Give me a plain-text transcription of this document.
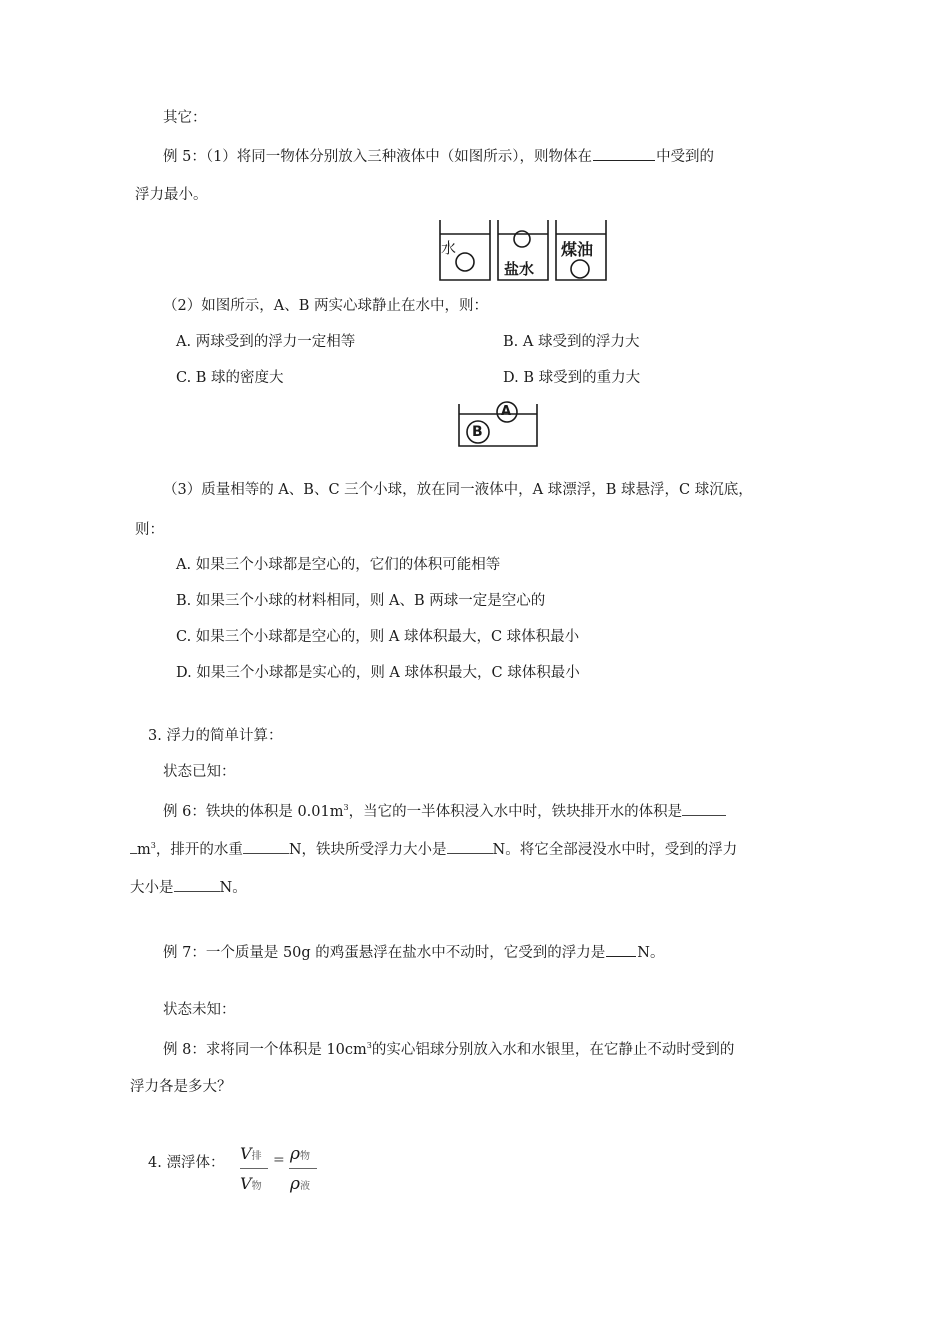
其它：
例 5：（1）将同一物体分别放入三种液体中（如图所示），则物体在	中受到的
浮力最小。
水
盐水
煤油
（2）如图所示，A、B 两实心球静止在水中，则：
A. 两球受到的浮力一定相等	B. A 球受到的浮力大
C. B 球的密度大	D. B 球受到的重力大
A
B
（3）质量相等的 A、B、C 三个小球，放在同一液体中，A 球漂浮，B 球悬浮，C 球沉底，
则：
A. 如果三个小球都是空心的，它们的体积可能相等
B. 如果三个小球的材料相同，则 A、B 两球一定是空心的
C. 如果三个小球都是空心的，则 A 球体积最大，C 球体积最小
D. 如果三个小球都是实心的，则 A 球体积最大，C 球体积最小
3. 浮力的简单计算：
状态已知：
例 6：铁块的体积是 $0.01m^3$，当它的一半体积浸入水中时，铁块排开水的体积是
$m^3$，排开的水重	N，铁块所受浮力大小是	N。将它全部浸没水中时，受到的浮力
大小是	N。
例 7：一个质量是 50g 的鸡蛋悬浮在盐水中不动时，它受到的浮力是 N。
状态未知：
例 8：求将同一个体积是 $10cm^3$的实心铝球分别放入水和水银里，在它静止不动时受到的
浮力各是多大？
4. 漂浮体： V排
V物
= ρ物
ρ液
